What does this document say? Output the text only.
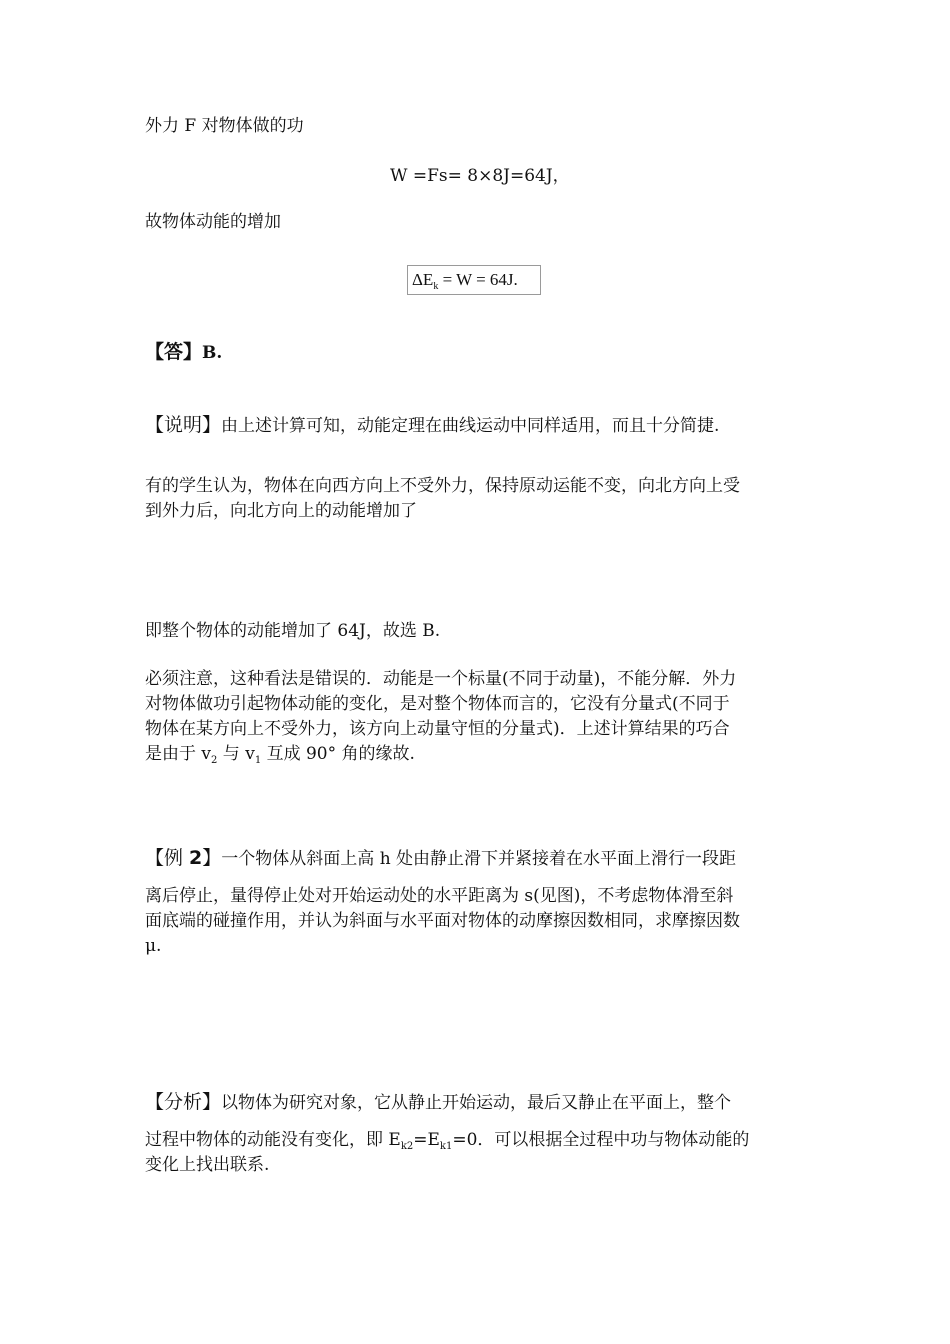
外力 F 对物体做的功
W =Fs= 8×8J=64J，
故物体动能的增加
$\Delta E_k = W = 64J$.
【答】B.
【说明】由上述计算可知，动能定理在曲线运动中同样适用，而且十分简捷.
有的学生认为，物体在向西方向上不受外力，保持原动运能不变，向北方向上受
到外力后，向北方向上的动能增加了
即整个物体的动能增加了 64J，故选 B.
必须注意，这种看法是错误的．动能是一个标量(不同于动量)，不能分解．外力
对物体做功引起物体动能的变化，是对整个物体而言的，它没有分量式(不同于
物体在某方向上不受外力，该方向上动量守恒的分量式)．上述计算结果的巧合
是由于 $v_2$ 与 $v_1$ 互成 90° 角的缘故.
【例 2】一个物体从斜面上高 h 处由静止滑下并紧接着在水平面上滑行一段距
离后停止，量得停止处对开始运动处的水平距离为 s(见图)，不考虑物体滑至斜
面底端的碰撞作用，并认为斜面与水平面对物体的动摩擦因数相同，求摩擦因数
μ.
【分析】以物体为研究对象，它从静止开始运动，最后又静止在平面上，整个
过程中物体的动能没有变化，即 $E_{k2}=E_{k1}=0$．可以根据全过程中功与物体动能的
变化上找出联系.
